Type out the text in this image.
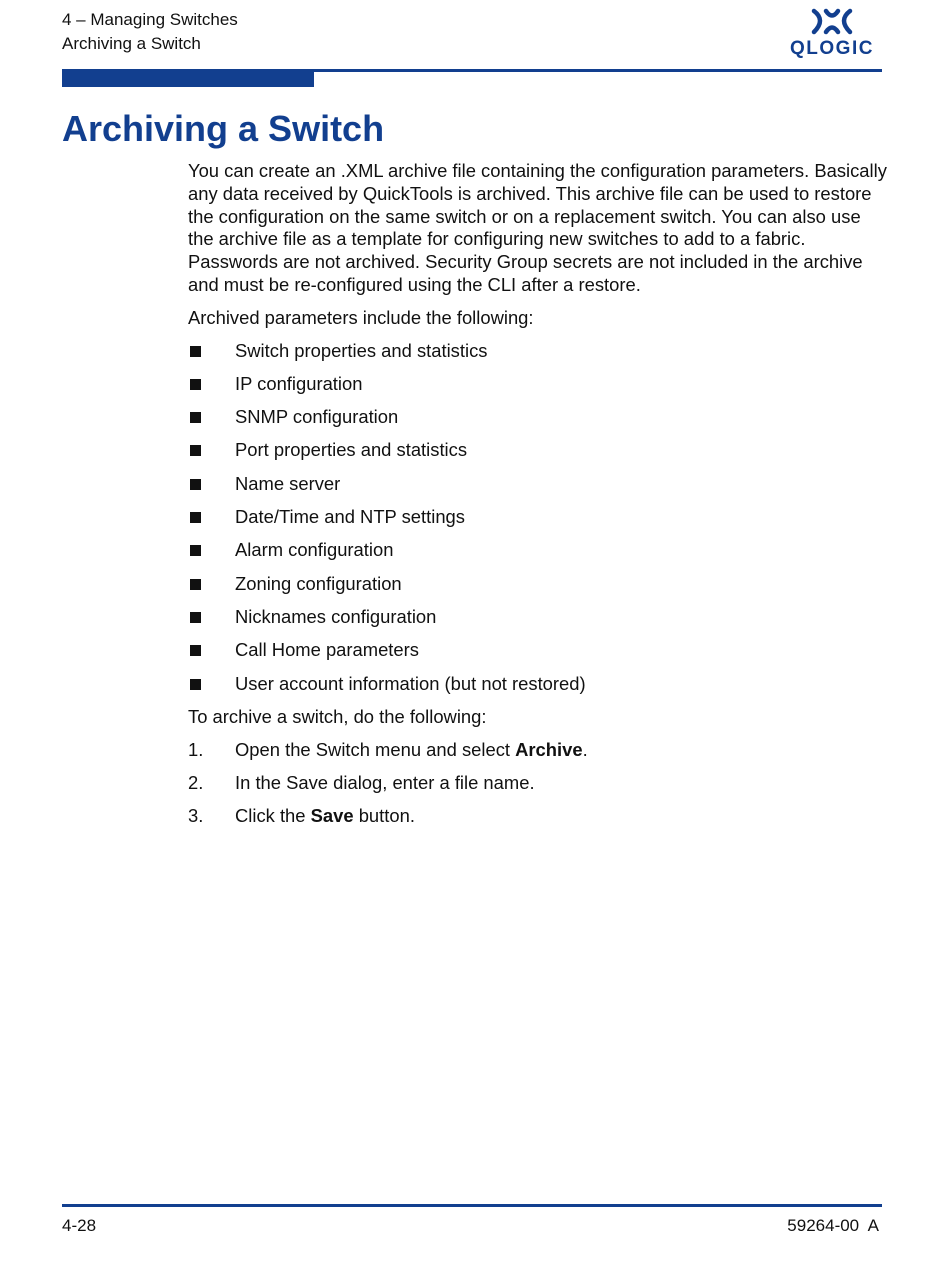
4 – Managing Switches
Archiving a Switch	QLOGIC
Archiving a Switch

You can create an .XML archive file containing the configuration parameters. Basically any data received by QuickTools is archived. This archive file can be used to restore the configuration on the same switch or on a replacement switch. You can also use the archive file as a template for configuring new switches to add to a fabric. Passwords are not archived. Security Group secrets are not included in the archive and must be re-configured using the CLI after a restore.

Archived parameters include the following:

Switch properties and statistics
IP configuration
SNMP configuration
Port properties and statistics
Name server
Date/Time and NTP settings
Alarm configuration
Zoning configuration
Nicknames configuration
Call Home parameters
User account information (but not restored)

To archive a switch, do the following:

1. Open the Switch menu and select Archive.
2. In the Save dialog, enter a file name.
3. Click the Save button.
4-28	59264-00  A
